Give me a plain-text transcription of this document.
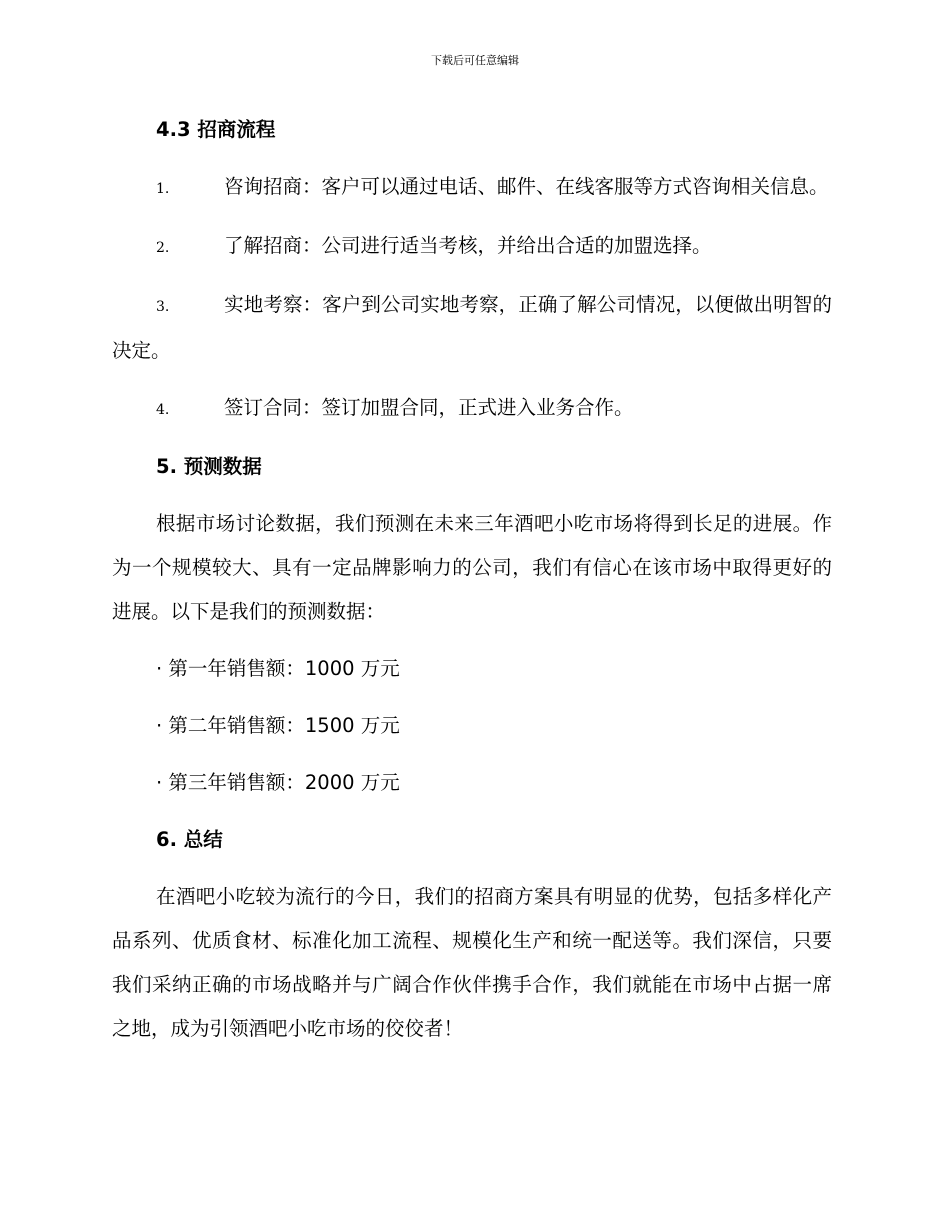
下载后可任意编辑
4.3 招商流程
1.	咨询招商：客户可以通过电话、邮件、在线客服等方式咨询相关信息。
2.	了解招商：公司进行适当考核，并给出合适的加盟选择。
3.	实地考察：客户到公司实地考察，正确了解公司情况，以便做出明智的决定。
4.	签订合同：签订加盟合同，正式进入业务合作。
5. 预测数据
根据市场讨论数据，我们预测在未来三年酒吧小吃市场将得到长足的进展。作为一个规模较大、具有一定品牌影响力的公司，我们有信心在该市场中取得更好的进展。以下是我们的预测数据：
· 第一年销售额：1000 万元
· 第二年销售额：1500 万元
· 第三年销售额：2000 万元
6. 总结
在酒吧小吃较为流行的今日，我们的招商方案具有明显的优势，包括多样化产品系列、优质食材、标准化加工流程、规模化生产和统一配送等。我们深信，只要我们采纳正确的市场战略并与广阔合作伙伴携手合作，我们就能在市场中占据一席之地，成为引领酒吧小吃市场的佼佼者！
